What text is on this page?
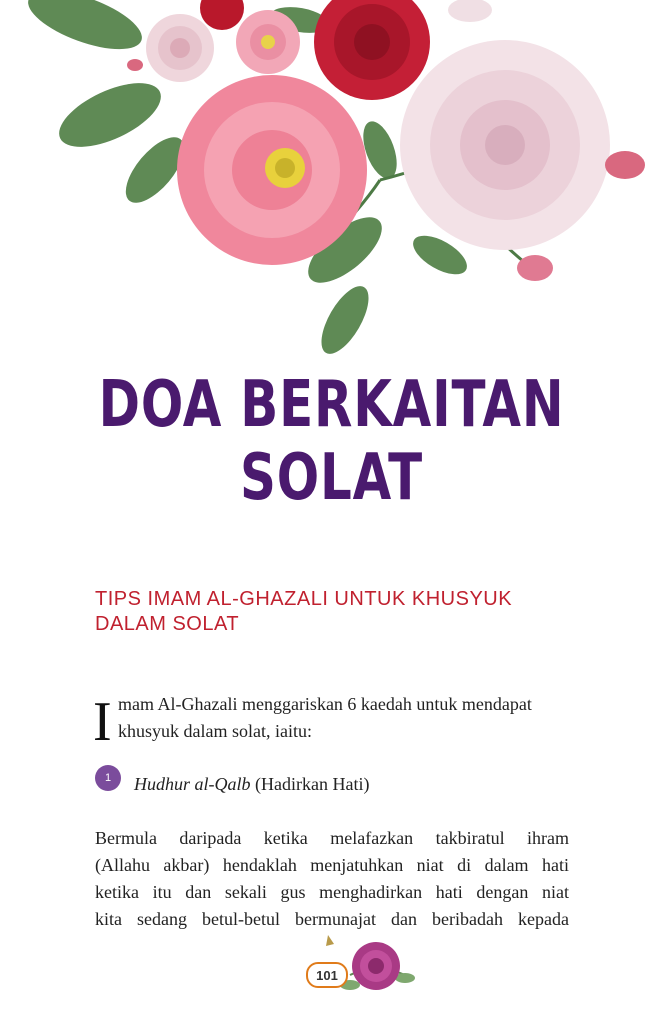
DOA BERKAITAN
SOLAT
TIPS IMAM AL-GHAZALI UNTUK KHUSYUK
DALAM SOLAT
I mam Al-Ghazali menggariskan 6 kaedah untuk mendapat
khusyuk dalam solat, iaitu:
1	Hudhur al-Qalb (Hadirkan Hati)
Bermula daripada ketika melafazkan takbiratul ihram
(Allahu akbar) hendaklah menjatuhkan niat di dalam hati
ketika itu dan sekali gus menghadirkan hati dengan niat
kita sedang betul-betul bermunajat dan beribadah kepada
101
